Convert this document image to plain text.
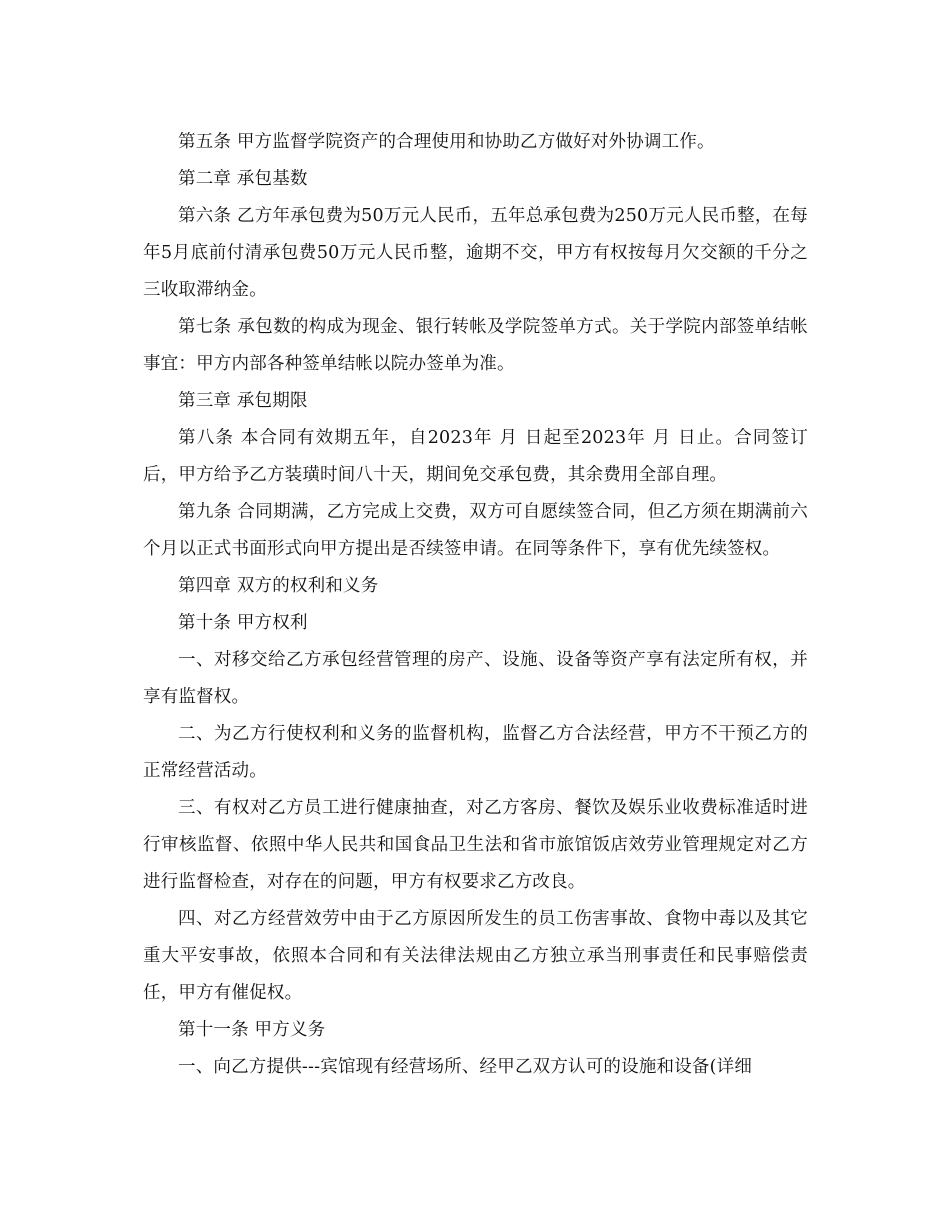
第五条 甲方监督学院资产的合理使用和协助乙方做好对外协调工作。

第二章 承包基数

第六条 乙方年承包费为50万元人民币，五年总承包费为250万元人民币整，在每年5月底前付清承包费50万元人民币整，逾期不交，甲方有权按每月欠交额的千分之三收取滞纳金。

第七条 承包数的构成为现金、银行转帐及学院签单方式。关于学院内部签单结帐事宜：甲方内部各种签单结帐以院办签单为准。

第三章 承包期限

第八条 本合同有效期五年，自2023年 月 日起至2023年 月 日止。合同签订后，甲方给予乙方装璜时间八十天，期间免交承包费，其余费用全部自理。

第九条 合同期满，乙方完成上交费，双方可自愿续签合同，但乙方须在期满前六个月以正式书面形式向甲方提出是否续签申请。在同等条件下，享有优先续签权。

第四章 双方的权利和义务

第十条 甲方权利

一、对移交给乙方承包经营管理的房产、设施、设备等资产享有法定所有权，并享有监督权。

二、为乙方行使权利和义务的监督机构，监督乙方合法经营，甲方不干预乙方的正常经营活动。

三、有权对乙方员工进行健康抽查，对乙方客房、餐饮及娱乐业收费标准适时进行审核监督、依照中华人民共和国食品卫生法和省市旅馆饭店效劳业管理规定对乙方进行监督检查，对存在的问题，甲方有权要求乙方改良。

四、对乙方经营效劳中由于乙方原因所发生的员工伤害事故、食物中毒以及其它重大平安事故，依照本合同和有关法律法规由乙方独立承当刑事责任和民事赔偿责任，甲方有催促权。

第十一条 甲方义务

一、向乙方提供---宾馆现有经营场所、经甲乙双方认可的设施和设备(详细
